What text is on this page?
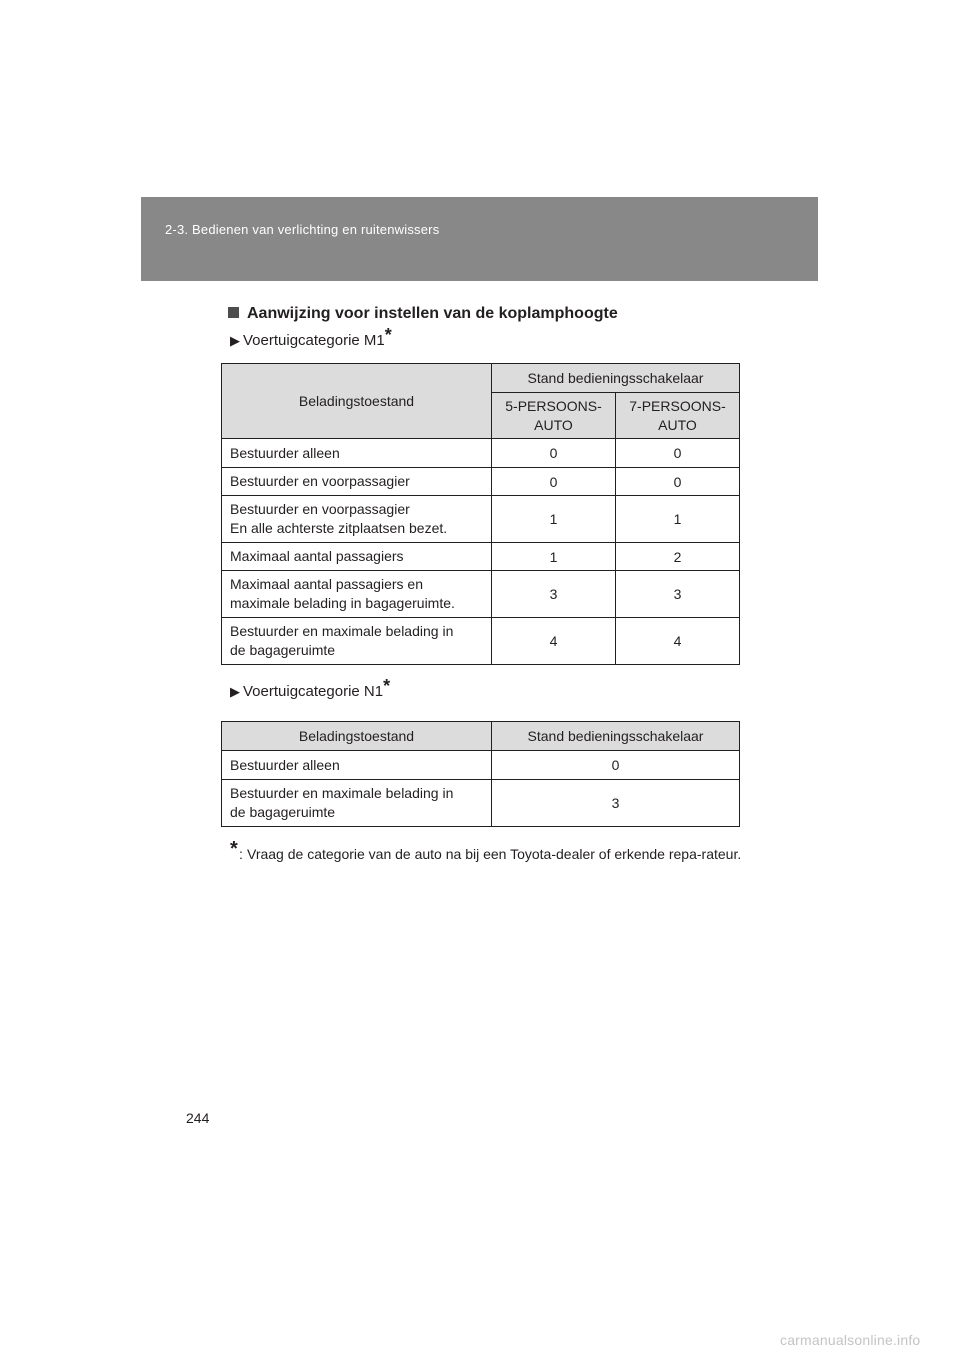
2-3. Bedienen van verlichting en ruitenwissers
Aanwijzing voor instellen van de koplamphoogte
▶ Voertuigcategorie M1*
Beladingstoestand	Stand bedieningsschakelaar	
	5-PERSOONS-
AUTO	7-PERSOONS-
AUTO
Bestuurder alleen	0	0
Bestuurder en voorpassagier	0	0
Bestuurder en voorpassagier
En alle achterste zitplaatsen bezet.	1	1
Maximaal aantal passagiers	1	2
Maximaal aantal passagiers en
maximale belading in bagageruimte.	3	3
Bestuurder en maximale belading in
de bagageruimte	4	4
▶ Voertuigcategorie N1*
Beladingstoestand	Stand bedieningsschakelaar
Bestuurder alleen	0
Bestuurder en maximale belading in
de bagageruimte	3
* : Vraag de categorie van de auto na bij een Toyota-dealer of erkende repa-rateur.
244
carmanualsonline.info
